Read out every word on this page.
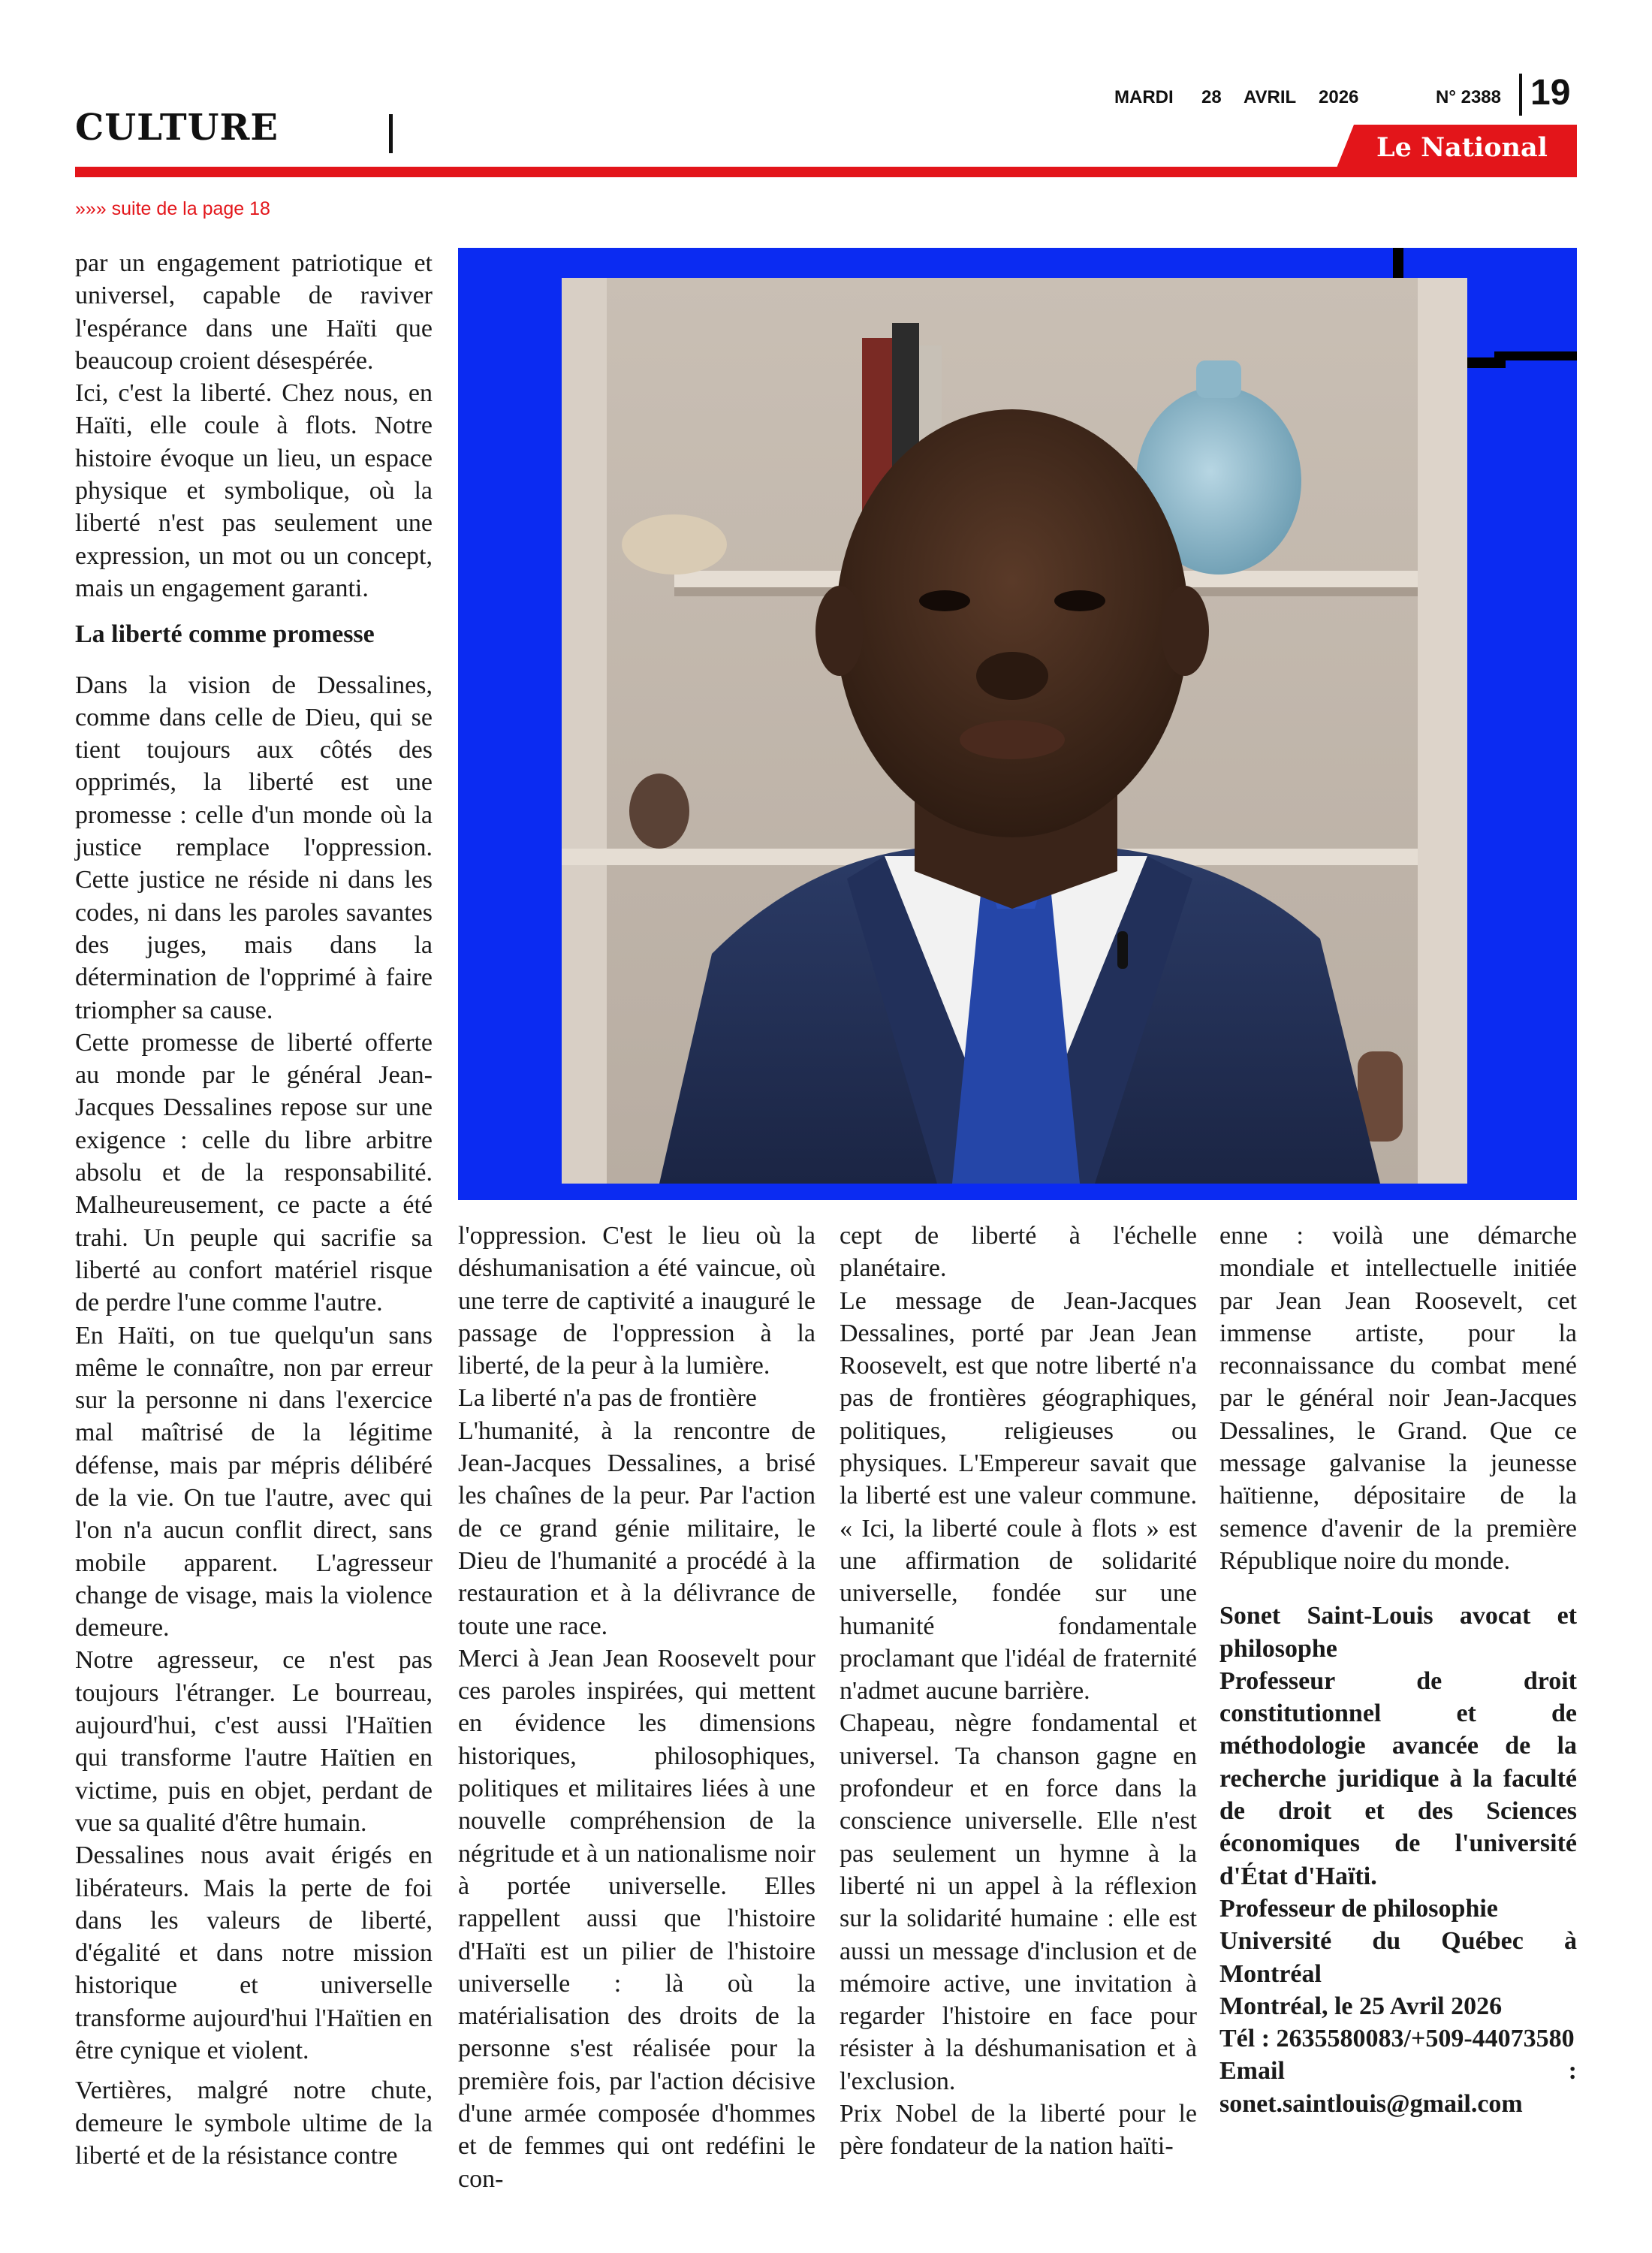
CULTURE
MARDI 28 AVRIL 2026	N° 2388 19
Le National
»»» suite de la page 18

par un engagement patriotique et universel, capable de raviver l'espérance dans une Haïti que beaucoup croient désespérée.

Ici, c'est la liberté. Chez nous, en Haïti, elle coule à flots. Notre histoire évoque un lieu, un espace physique et symbolique, où la liberté n'est pas seulement une expression, un mot ou un concept, mais un engagement garanti.

La liberté comme promesse

Dans la vision de Dessalines, comme dans celle de Dieu, qui se tient toujours aux côtés des opprimés, la liberté est une promesse : celle d'un monde où la justice remplace l'oppression. Cette justice ne réside ni dans les codes, ni dans les paroles savantes des juges, mais dans la détermination de l'opprimé à faire triompher sa cause.

Cette promesse de liberté offerte au monde par le général Jean-Jacques Dessalines repose sur une exigence : celle du libre arbitre absolu et de la responsabilité. Malheureusement, ce pacte a été trahi. Un peuple qui sacrifie sa liberté au confort matériel risque de perdre l'une comme l'autre.

En Haïti, on tue quelqu'un sans même le connaître, non par erreur sur la personne ni dans l'exercice mal maîtrisé de la légitime défense, mais par mépris délibéré de la vie. On tue l'autre, avec qui l'on n'a aucun conflit direct, sans mobile apparent. L'agresseur change de visage, mais la violence demeure.

Notre agresseur, ce n'est pas toujours l'étranger. Le bourreau, aujourd'hui, c'est aussi l'Haïtien qui transforme l'autre Haïtien en victime, puis en objet, perdant de vue sa qualité d'être humain.

Dessalines nous avait érigés en libérateurs. Mais la perte de foi dans les valeurs de liberté, d'égalité et dans notre mission historique et universelle transforme aujourd'hui l'Haïtien en être cynique et violent.

Vertières, malgré notre chute, demeure le symbole ultime de la liberté et de la résistance contre

l'oppression. C'est le lieu où la déshumanisation a été vaincue, où une terre de captivité a inauguré le passage de l'oppression à la liberté, de la peur à la lumière.

La liberté n'a pas de frontière

L'humanité, à la rencontre de Jean-Jacques Dessalines, a brisé les chaînes de la peur. Par l'action de ce grand génie militaire, le Dieu de l'humanité a procédé à la restauration et à la délivrance de toute une race.

Merci à Jean Jean Roosevelt pour ces paroles inspirées, qui mettent en évidence les dimensions historiques, philosophiques, politiques et militaires liées à une nouvelle compréhension de la négritude et à un nationalisme noir à portée universelle. Elles rappellent aussi que l'histoire d'Haïti est un pilier de l'histoire universelle : là où la matérialisation des droits de la personne s'est réalisée pour la première fois, par l'action décisive d'une armée composée d'hommes et de femmes qui ont redéfini le con-

cept de liberté à l'échelle planétaire.

Le message de Jean-Jacques Dessalines, porté par Jean Jean Roosevelt, est que notre liberté n'a pas de frontières géographiques, politiques, religieuses ou physiques. L'Empereur savait que la liberté est une valeur commune. « Ici, la liberté coule à flots » est une affirmation de solidarité universelle, fondée sur une humanité fondamentale proclamant que l'idéal de fraternité n'admet aucune barrière.

Chapeau, nègre fondamental et universel. Ta chanson gagne en profondeur et en force dans la conscience universelle. Elle n'est pas seulement un hymne à la liberté ni un appel à la réflexion sur la solidarité humaine : elle est aussi un message d'inclusion et de mémoire active, une invitation à regarder l'histoire en face pour résister à la déshumanisation et à l'exclusion.

Prix Nobel de la liberté pour le père fondateur de la nation haïti-

enne : voilà une démarche mondiale et intellectuelle initiée par Jean Jean Roosevelt, cet immense artiste, pour la reconnaissance du combat mené par le général noir Jean-Jacques Dessalines, le Grand. Que ce message galvanise la jeunesse haïtienne, dépositaire de la semence d'avenir de la première République noire du monde.

Sonet Saint-Louis avocat et philosophe

Professeur de droit constitutionnel et de méthodologie avancée de la recherche juridique à la faculté de droit et des Sciences économiques de l'université d'État d'Haïti.

Professeur de philosophie

Université du Québec à Montréal

Montréal, le 25 Avril 2026

Tél : 2635580083/+509-44073580

Email : sonet.saintlouis@gmail.com
